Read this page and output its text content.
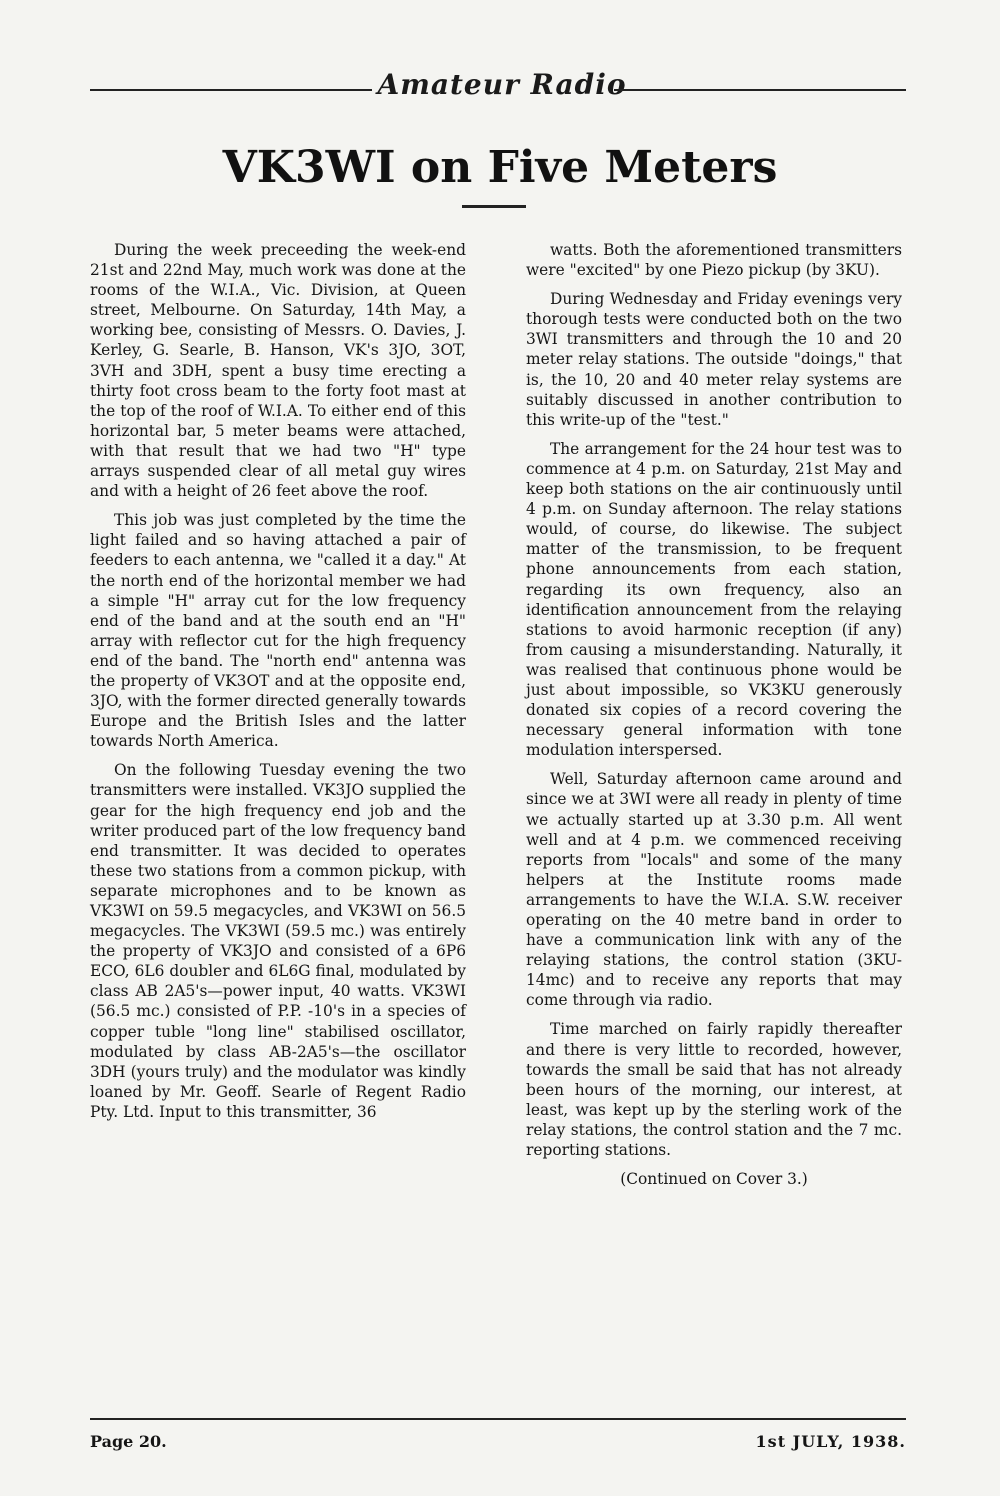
Amateur Radio
VK3WI on Five Meters

During the week preceeding the week-end 21st and 22nd May, much work was done at the rooms of the W.I.A., Vic. Division, at Queen street, Melbourne. On Saturday, 14th May, a working bee, consisting of Messrs. O. Davies, J. Kerley, G. Searle, B. Hanson, VK's 3JO, 3OT, 3VH and 3DH, spent a busy time erecting a thirty foot cross beam to the forty foot mast at the top of the roof of W.I.A. To either end of this horizontal bar, 5 meter beams were attached, with that result that we had two "H" type arrays suspended clear of all metal guy wires and with a height of 26 feet above the roof.

This job was just completed by the time the light failed and so having attached a pair of feeders to each antenna, we "called it a day." At the north end of the horizontal member we had a simple "H" array cut for the low frequency end of the band and at the south end an "H" array with reflector cut for the high frequency end of the band. The "north end" antenna was the property of VK3OT and at the opposite end, 3JO, with the former directed generally towards Europe and the British Isles and the latter towards North America.

On the following Tuesday evening the two transmitters were installed. VK3JO supplied the gear for the high frequency end job and the writer produced part of the low frequency band end transmitter. It was decided to operates these two stations from a common pickup, with separate microphones and to be known as VK3WI on 59.5 megacycles, and VK3WI on 56.5 megacycles. The VK3WI (59.5 mc.) was entirely the property of VK3JO and consisted of a 6P6 ECO, 6L6 doubler and 6L6G final, modulated by class AB 2A5's—power input, 40 watts. VK3WI (56.5 mc.) consisted of P.P. -10's in a species of copper tuble "long line" stabilised oscillator, modulated by class AB-2A5's—the oscillator 3DH (yours truly) and the modulator was kindly loaned by Mr. Geoff. Searle of Regent Radio Pty. Ltd. Input to this transmitter, 36

watts. Both the aforementioned transmitters were "excited" by one Piezo pickup (by 3KU).

During Wednesday and Friday evenings very thorough tests were conducted both on the two 3WI transmitters and through the 10 and 20 meter relay stations. The outside "doings," that is, the 10, 20 and 40 meter relay systems are suitably discussed in another contribution to this write-up of the "test."

The arrangement for the 24 hour test was to commence at 4 p.m. on Saturday, 21st May and keep both stations on the air continuously until 4 p.m. on Sunday afternoon. The relay stations would, of course, do likewise. The subject matter of the transmission, to be frequent phone announcements from each station, regarding its own frequency, also an identification announcement from the relaying stations to avoid harmonic reception (if any) from causing a misunderstanding. Naturally, it was realised that continuous phone would be just about impossible, so VK3KU generously donated six copies of a record covering the necessary general information with tone modulation interspersed.

Well, Saturday afternoon came around and since we at 3WI were all ready in plenty of time we actually started up at 3.30 p.m. All went well and at 4 p.m. we commenced receiving reports from "locals" and some of the many helpers at the Institute rooms made arrangements to have the W.I.A. S.W. receiver operating on the 40 metre band in order to have a communication link with any of the relaying stations, the control station (3KU-14mc) and to receive any reports that may come through via radio.

Time marched on fairly rapidly thereafter and there is very little to recorded, however, towards the small be said that has not already been hours of the morning, our interest, at least, was kept up by the sterling work of the relay stations, the control station and the 7 mc. reporting stations.

(Continued on Cover 3.)

Page 20.	1st JULY, 1938.
